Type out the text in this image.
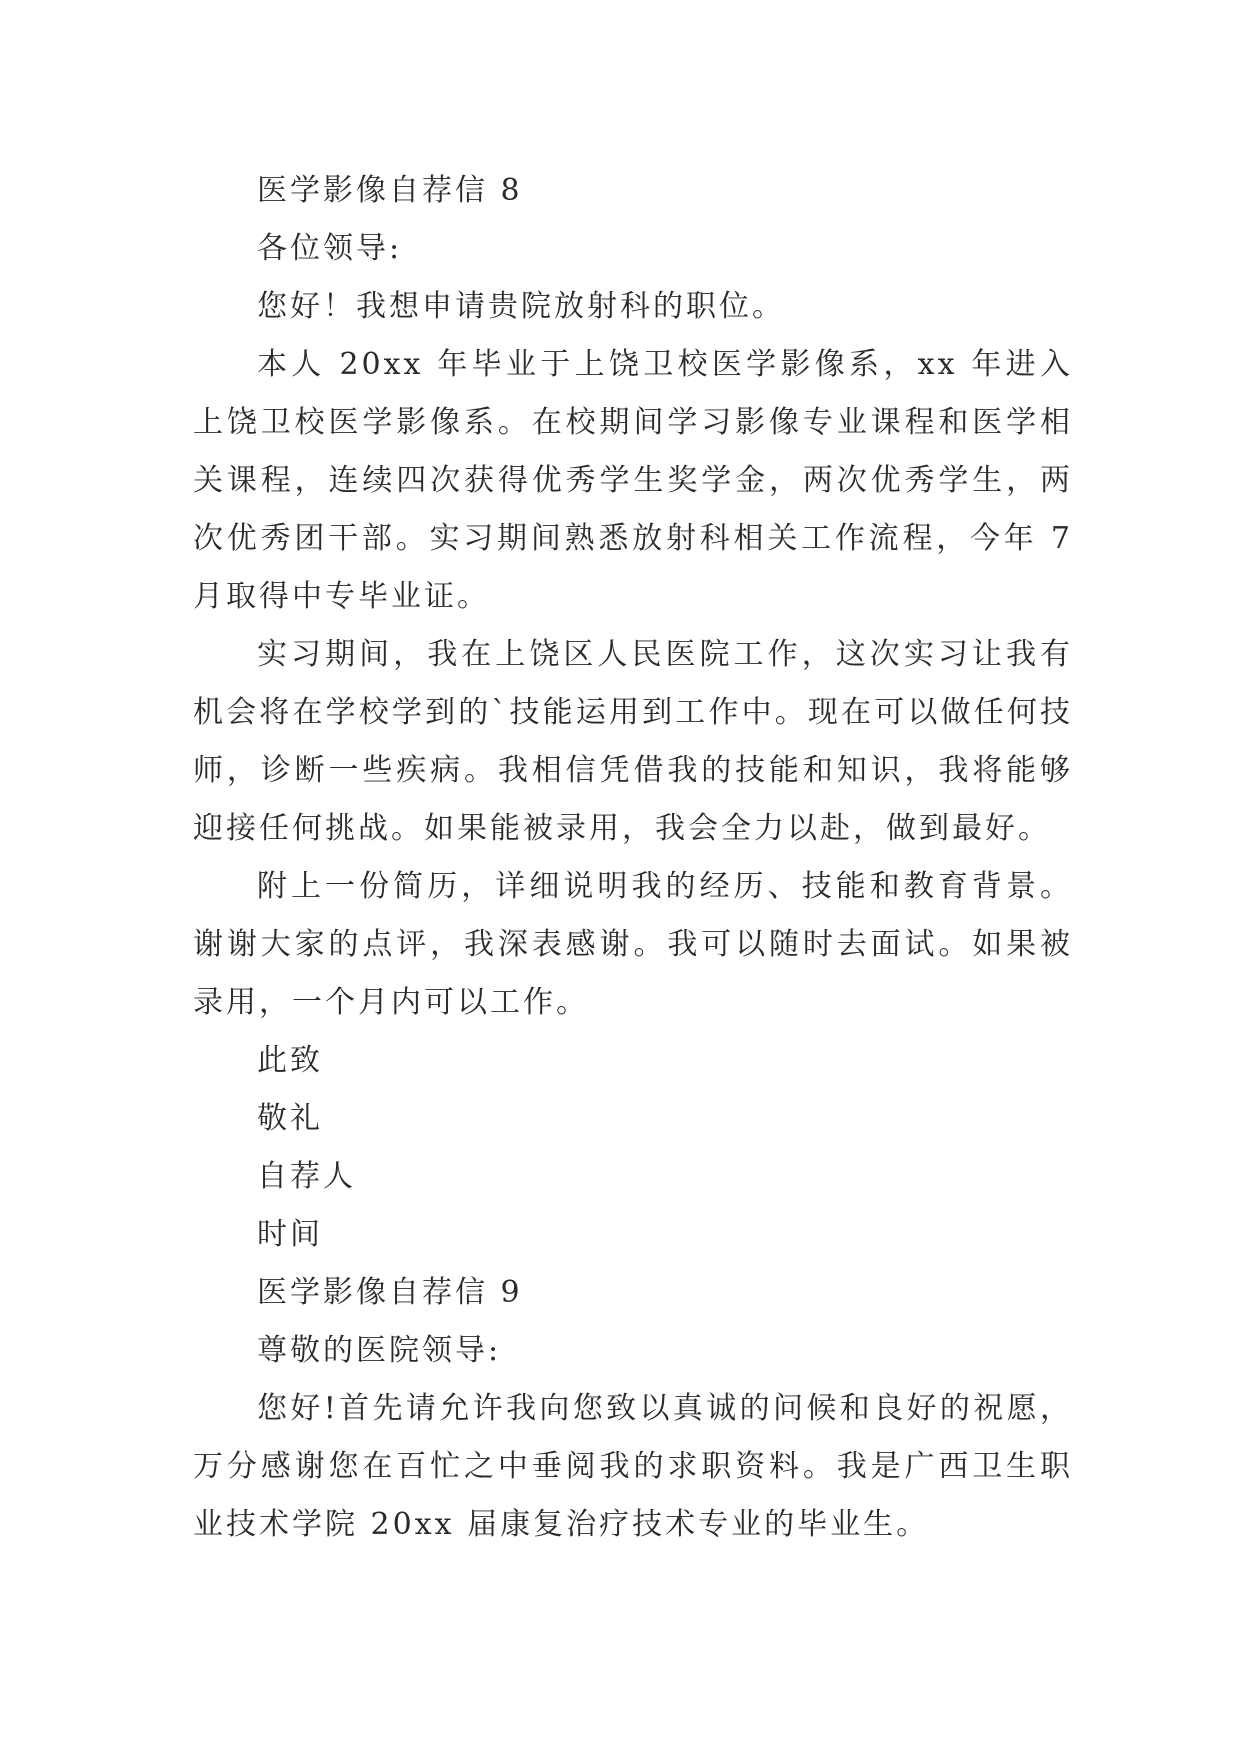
医学影像自荐信 8

各位领导:

您好！我想申请贵院放射科的职位。

本人 20xx 年毕业于上饶卫校医学影像系，xx 年进入上饶卫校医学影像系。在校期间学习影像专业课程和医学相关课程，连续四次获得优秀学生奖学金，两次优秀学生，两次优秀团干部。实习期间熟悉放射科相关工作流程，今年 7 月取得中专毕业证。

实习期间，我在上饶区人民医院工作，这次实习让我有机会将在学校学到的`技能运用到工作中。现在可以做任何技师，诊断一些疾病。我相信凭借我的技能和知识，我将能够迎接任何挑战。如果能被录用，我会全力以赴，做到最好。

附上一份简历，详细说明我的经历、技能和教育背景。谢谢大家的点评，我深表感谢。我可以随时去面试。如果被录用，一个月内可以工作。

此致

敬礼

自荐人

时间

医学影像自荐信 9

尊敬的医院领导:

您好!首先请允许我向您致以真诚的问候和良好的祝愿，万分感谢您在百忙之中垂阅我的求职资料。我是广西卫生职业技术学院 20xx 届康复治疗技术专业的毕业生。
